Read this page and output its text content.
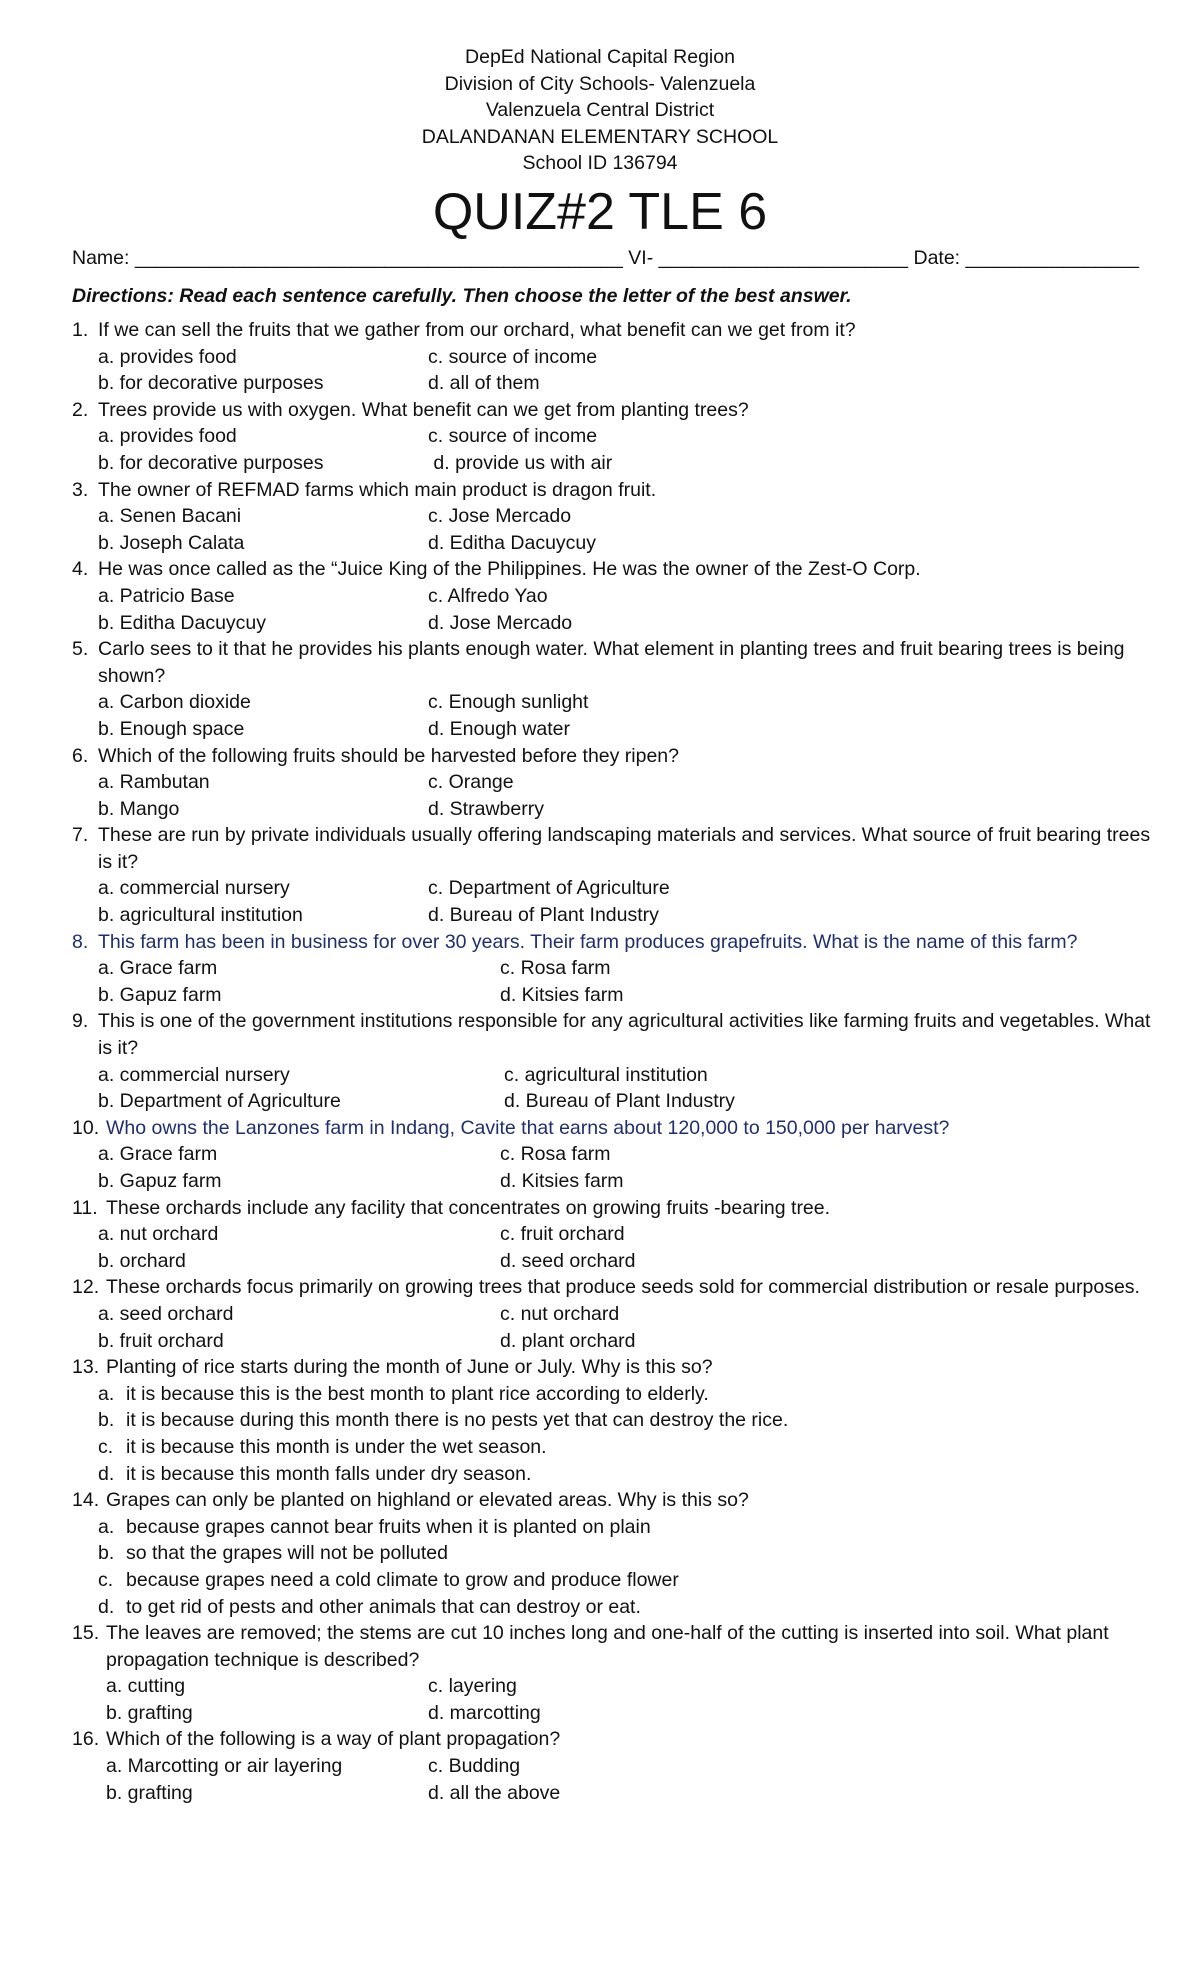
DepEd National Capital Region
Division of City Schools- Valenzuela
Valenzuela Central District
DALANDANAN ELEMENTARY SCHOOL
School ID 136794
QUIZ#2 TLE 6
Name: _____________________________________________ VI- _______________________ Date: ________________
Directions: Read each sentence carefully. Then choose the letter of the best answer.
1. If we can sell the fruits that we gather from our orchard, what benefit can we get from it?
a. provides food	c. source of income
b. for decorative purposes	d. all of them
2. Trees provide us with oxygen. What benefit can we get from planting trees?
a. provides food	c. source of income
b. for decorative purposes	d. provide us with air
3. The owner of REFMAD farms which main product is dragon fruit.
a. Senen Bacani	c. Jose Mercado
b. Joseph Calata	d. Editha Dacuycuy
4. He was once called as the “Juice King of the Philippines. He was the owner of the Zest-O Corp.
a. Patricio Base	c. Alfredo Yao
b. Editha Dacuycuy	d. Jose Mercado
5. Carlo sees to it that he provides his plants enough water. What element in planting trees and fruit bearing trees is being shown?
a. Carbon dioxide	c. Enough sunlight
b. Enough space	d. Enough water
6. Which of the following fruits should be harvested before they ripen?
a. Rambutan	c. Orange
b. Mango	d. Strawberry
7. These are run by private individuals usually offering landscaping materials and services. What source of fruit bearing trees is it?
a. commercial nursery	c. Department of Agriculture
b. agricultural institution	d. Bureau of Plant Industry
8. This farm has been in business for over 30 years. Their farm produces grapefruits. What is the name of this farm?
a. Grace farm	c. Rosa farm
b. Gapuz farm	d. Kitsies farm
9. This is one of the government institutions responsible for any agricultural activities like farming fruits and vegetables. What is it?
a. commercial nursery	c. agricultural institution
b. Department of Agriculture	d. Bureau of Plant Industry
10. Who owns the Lanzones farm in Indang, Cavite that earns about 120,000 to 150,000 per harvest?
a. Grace farm	c. Rosa farm
b. Gapuz farm	d. Kitsies farm
11. These orchards include any facility that concentrates on growing fruits -bearing tree.
a. nut orchard	c. fruit orchard
b. orchard	d. seed orchard
12. These orchards focus primarily on growing trees that produce seeds sold for commercial distribution or resale purposes.
a. seed orchard	c. nut orchard
b. fruit orchard	d. plant orchard
13. Planting of rice starts during the month of June or July. Why is this so?
a. it is because this is the best month to plant rice according to elderly.
b. it is because during this month there is no pests yet that can destroy the rice.
c. it is because this month is under the wet season.
d. it is because this month falls under dry season.
14. Grapes can only be planted on highland or elevated areas. Why is this so?
a. because grapes cannot bear fruits when it is planted on plain
b. so that the grapes will not be polluted
c. because grapes need a cold climate to grow and produce flower
d. to get rid of pests and other animals that can destroy or eat.
15. The leaves are removed; the stems are cut 10 inches long and one-half of the cutting is inserted into soil. What plant propagation technique is described?
a. cutting	c. layering
b. grafting	d. marcotting
16. Which of the following is a way of plant propagation?
a. Marcotting or air layering	c. Budding
b. grafting	d. all the above
